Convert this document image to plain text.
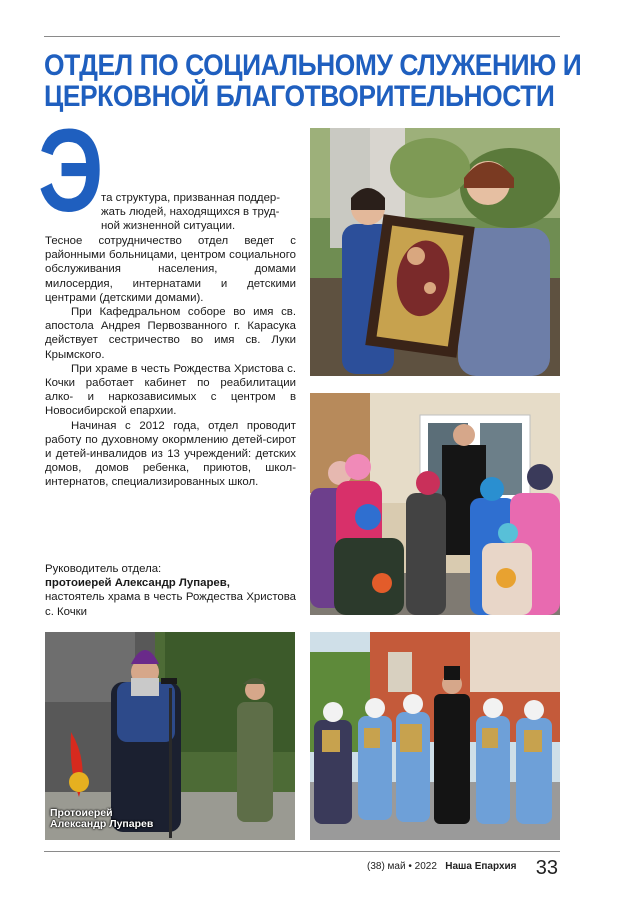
ОТДЕЛ ПО СОЦИАЛЬНОМУ СЛУЖЕНИЮ И
ЦЕРКОВНОЙ БЛАГОТВОРИТЕЛЬНОСТИ
Э
та структура, призванная поддер-
жать людей, находящихся в труд-
ной жизненной ситуации.

Тесное сотрудничество отдел ведет с районными больницами, центром социального обслуживания населения, домами милосердия, интернатами и детскими центрами (детскими домами).

При Кафедральном соборе во имя св. апостола Андрея Первозванного г. Карасука действует сестричество во имя св. Луки Крымского.

При храме в честь Рождества Христова с. Кочки работает кабинет по реабилитации алко- и наркозависимых с центром в Новосибирской епархии.

Начиная с 2012 года, отдел проводит работу по духовному окормлению детей-сирот и детей-инвалидов из 13 учреждений: детских домов, домов ребенка, приютов, школ-интернатов, специализированных школ.

Руководитель отдела:
протоиерей Александр Лупарев,
настоятель храма в честь Рождества Христова с. Кочки
Протоиерей
Александр Лупарев
(38) май • 2022 Наша Епархия 33
